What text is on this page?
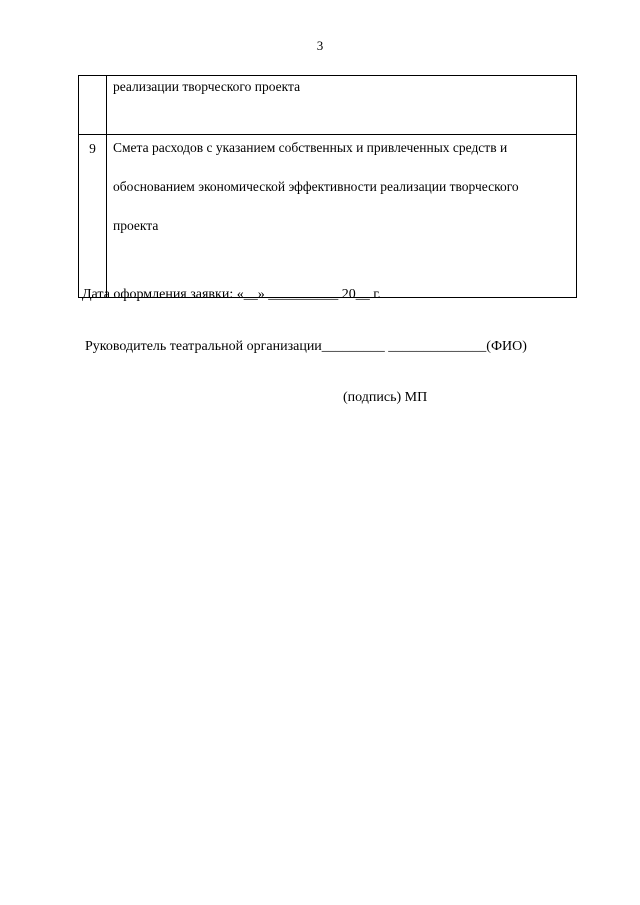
3

	реализации творческого проекта

9	Смета расходов с указанием собственных и привлеченных средств и
обоснованием экономической эффективности реализации творческого
проекта
Дата оформления заявки: «__» __________ 20__ г.
Руководитель театральной организации_________ ______________(ФИО)
(подпись) МП
